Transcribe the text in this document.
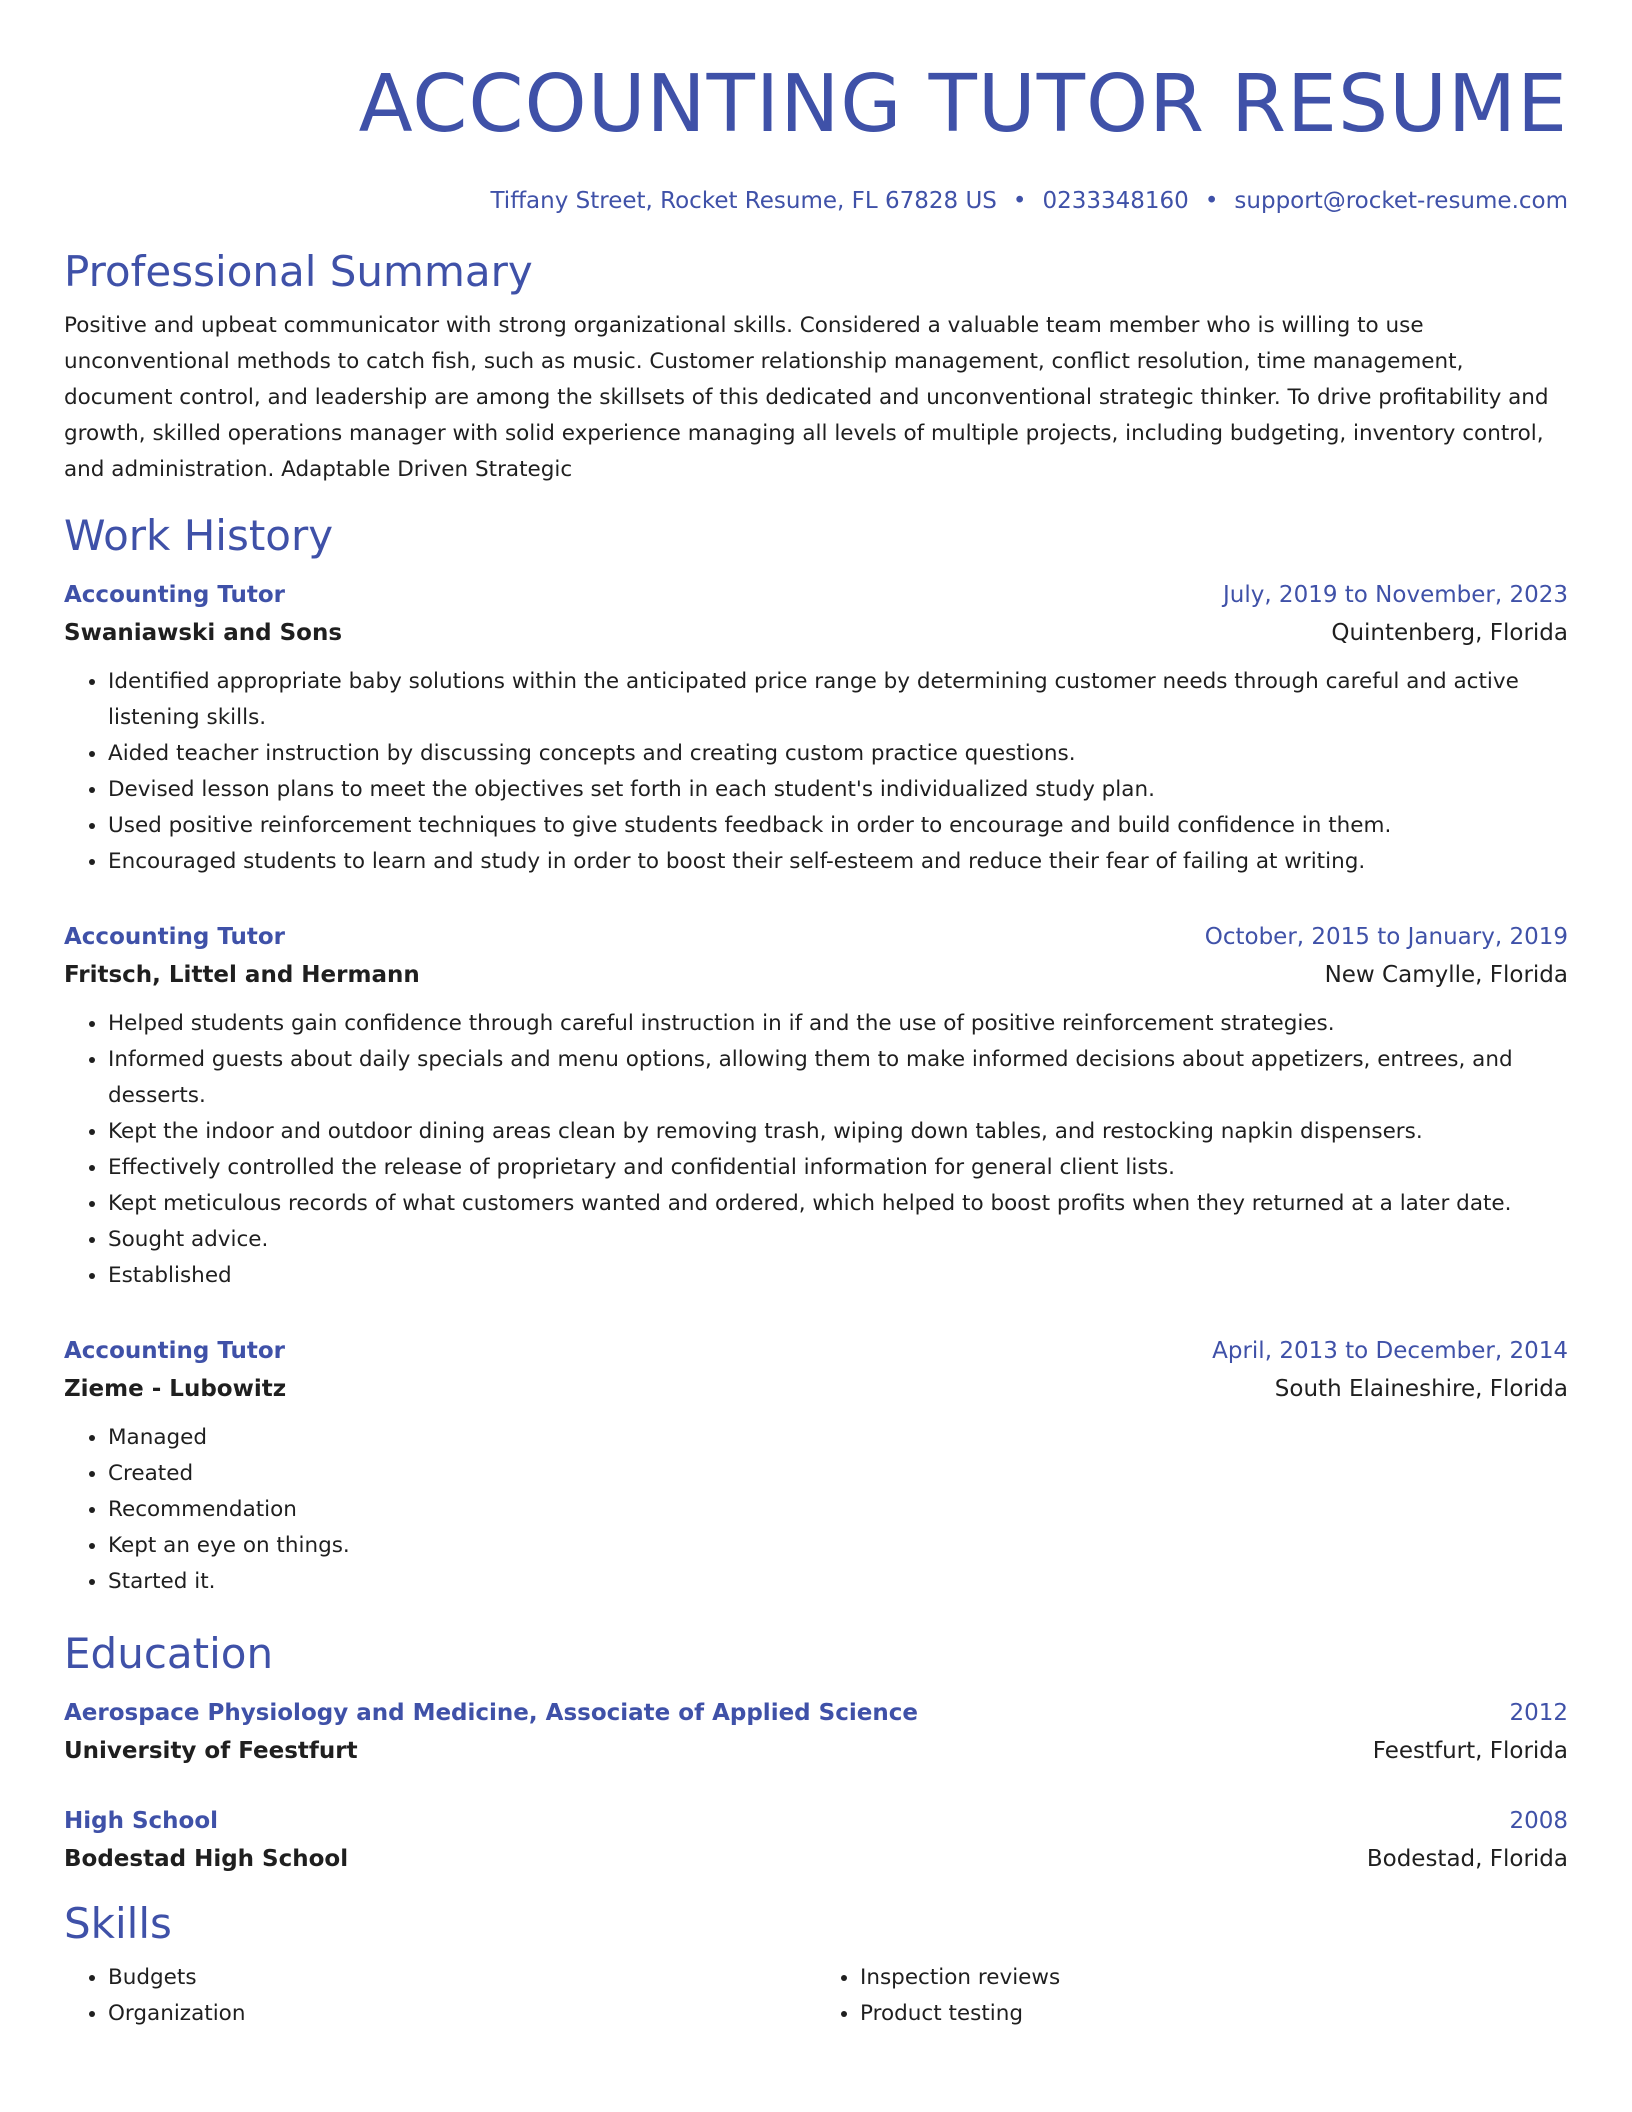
ACCOUNTING TUTOR RESUME
Tiffany Street, Rocket Resume, FL 67828 US • 0233348160 • support@rocket-resume.com
Professional Summary
Positive and upbeat communicator with strong organizational skills. Considered a valuable team member who is willing to use unconventional methods to catch fish, such as music. Customer relationship management, conflict resolution, time management, document control, and leadership are among the skillsets of this dedicated and unconventional strategic thinker. To drive profitability and growth, skilled operations manager with solid experience managing all levels of multiple projects, including budgeting, inventory control, and administration. Adaptable Driven Strategic
Work History
Accounting Tutor	July, 2019 to November, 2023
Swaniawski and Sons	Quintenberg, Florida
• Identified appropriate baby solutions within the anticipated price range by determining customer needs through careful and active listening skills.
• Aided teacher instruction by discussing concepts and creating custom practice questions.
• Devised lesson plans to meet the objectives set forth in each student's individualized study plan.
• Used positive reinforcement techniques to give students feedback in order to encourage and build confidence in them.
• Encouraged students to learn and study in order to boost their self-esteem and reduce their fear of failing at writing.
Accounting Tutor	October, 2015 to January, 2019
Fritsch, Littel and Hermann	New Camylle, Florida
• Helped students gain confidence through careful instruction in if and the use of positive reinforcement strategies.
• Informed guests about daily specials and menu options, allowing them to make informed decisions about appetizers, entrees, and desserts.
• Kept the indoor and outdoor dining areas clean by removing trash, wiping down tables, and restocking napkin dispensers.
• Effectively controlled the release of proprietary and confidential information for general client lists.
• Kept meticulous records of what customers wanted and ordered, which helped to boost profits when they returned at a later date.
• Sought advice.
• Established
Accounting Tutor	April, 2013 to December, 2014
Zieme - Lubowitz	South Elaineshire, Florida
• Managed
• Created
• Recommendation
• Kept an eye on things.
• Started it.
Education
Aerospace Physiology and Medicine, Associate of Applied Science	2012
University of Feestfurt	Feestfurt, Florida
High School	2008
Bodestad High School	Bodestad, Florida
Skills
• Budgets
• Organization
• Inspection reviews
• Product testing
